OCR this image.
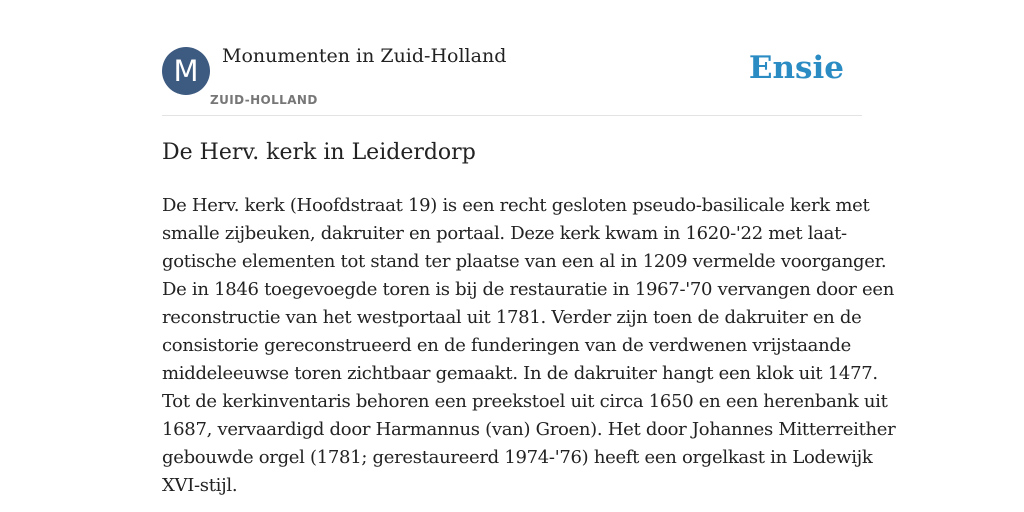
M	Monumenten in Zuid-Holland
ZUID-HOLLAND
Ensie
De Herv. kerk in Leiderdorp

De Herv. kerk (Hoofdstraat 19) is een recht gesloten pseudo-basilicale kerk met
smalle zijbeuken, dakruiter en portaal. Deze kerk kwam in 1620-'22 met laat-
gotische elementen tot stand ter plaatse van een al in 1209 vermelde voorganger.
De in 1846 toegevoegde toren is bij de restauratie in 1967-'70 vervangen door een
reconstructie van het westportaal uit 1781. Verder zijn toen de dakruiter en de
consistorie gereconstrueerd en de funderingen van de verdwenen vrijstaande
middeleeuwse toren zichtbaar gemaakt. In de dakruiter hangt een klok uit 1477.
Tot de kerkinventaris behoren een preekstoel uit circa 1650 en een herenbank uit
1687, vervaardigd door Harmannus (van) Groen). Het door Johannes Mitterreither
gebouwde orgel (1781; gerestaureerd 1974-'76) heeft een orgelkast in Lodewijk
XVI-stijl.
